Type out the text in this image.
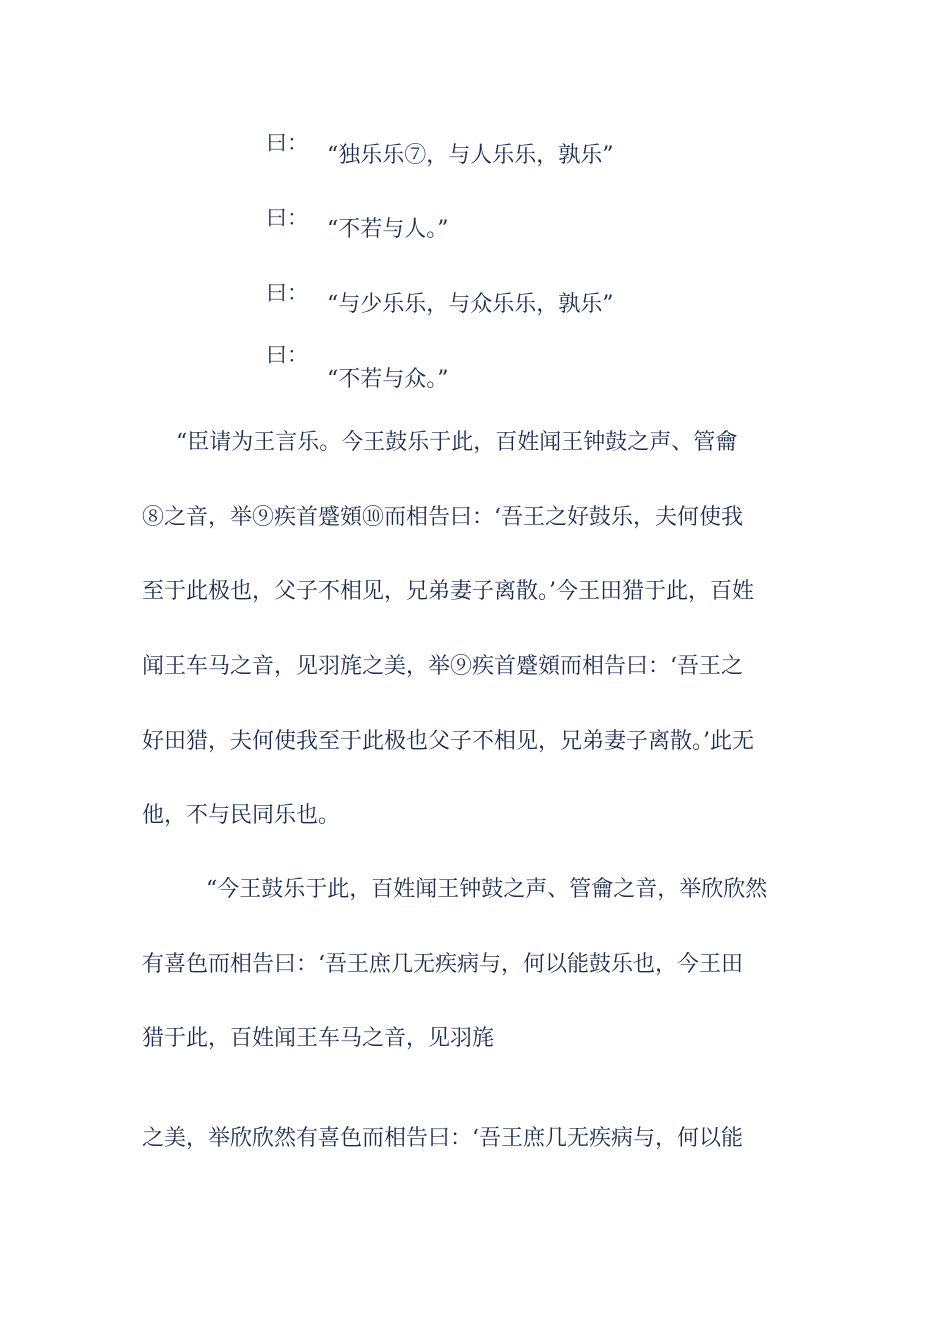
曰： “独乐乐⑦，与人乐乐，孰乐”
曰： “不若与人。”
曰： “与少乐乐，与众乐乐，孰乐”
曰：
“不若与众。”
“臣请为王言乐。今王鼓乐于此，百姓闻王钟鼓之声、管龠
⑧之音，举⑨疾首蹙頞⑩而相告曰：‘吾王之好鼓乐，夫何使我
至于此极也，父子不相见，兄弟妻子离散。’今王田猎于此，百姓
闻王车马之音，见羽旄之美，举⑨疾首蹙頞而相告曰：‘吾王之
好田猎，夫何使我至于此极也父子不相见，兄弟妻子离散。’此无
他，不与民同乐也。
“今王鼓乐于此，百姓闻王钟鼓之声、管龠之音，举欣欣然
有喜色而相告曰：‘吾王庶几无疾病与，何以能鼓乐也，今王田
猎于此，百姓闻王车马之音，见羽旄
之美，举欣欣然有喜色而相告曰：‘吾王庶几无疾病与，何以能
